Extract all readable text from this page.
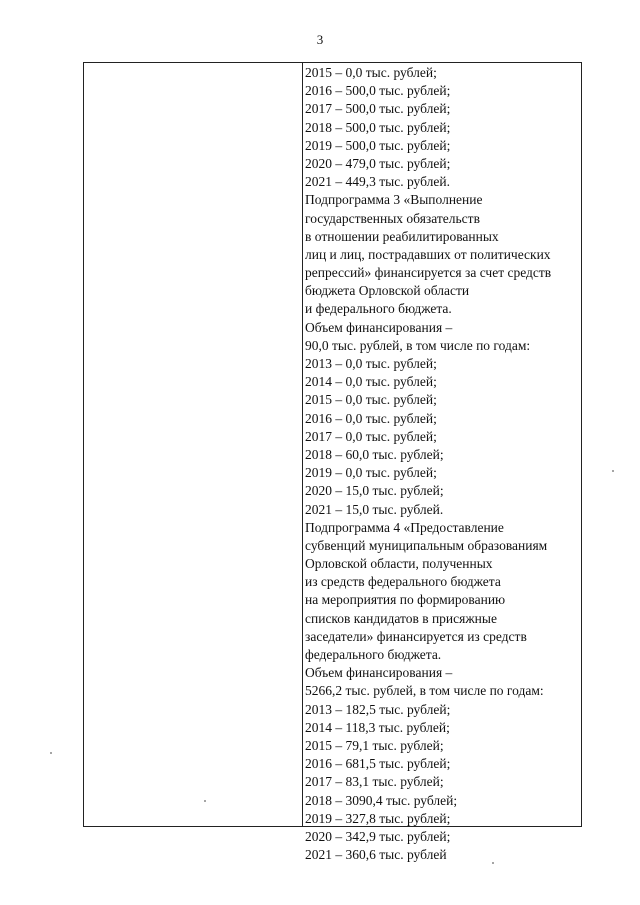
3
2015 – 0,0 тыс. рублей;
2016 – 500,0 тыс. рублей;
2017 – 500,0 тыс. рублей;
2018 – 500,0 тыс. рублей;
2019 – 500,0 тыс. рублей;
2020 – 479,0 тыс. рублей;
2021 – 449,3 тыс. рублей.
Подпрограмма 3 «Выполнение
государственных обязательств
в отношении реабилитированных
лиц и лиц, пострадавших от политических
репрессий» финансируется за счет средств
бюджета Орловской области
и федерального бюджета.
Объем финансирования –
90,0 тыс. рублей, в том числе по годам:
2013 – 0,0 тыс. рублей;
2014 – 0,0 тыс. рублей;
2015 – 0,0 тыс. рублей;
2016 – 0,0 тыс. рублей;
2017 – 0,0 тыс. рублей;
2018 – 60,0 тыс. рублей;
2019 – 0,0 тыс. рублей;
2020 – 15,0 тыс. рублей;
2021 – 15,0 тыс. рублей.
Подпрограмма 4 «Предоставление
субвенций муниципальным образованиям
Орловской области, полученных
из средств федерального бюджета
на мероприятия по формированию
списков кандидатов в присяжные
заседатели» финансируется из средств
федерального бюджета.
Объем финансирования –
5266,2 тыс. рублей, в том числе по годам:
2013 – 182,5 тыс. рублей;
2014 – 118,3 тыс. рублей;
2015 – 79,1 тыс. рублей;
2016 – 681,5 тыс. рублей;
2017 – 83,1 тыс. рублей;
2018 – 3090,4 тыс. рублей;
2019 – 327,8 тыс. рублей;
2020 – 342,9 тыс. рублей;
2021 – 360,6 тыс. рублей
